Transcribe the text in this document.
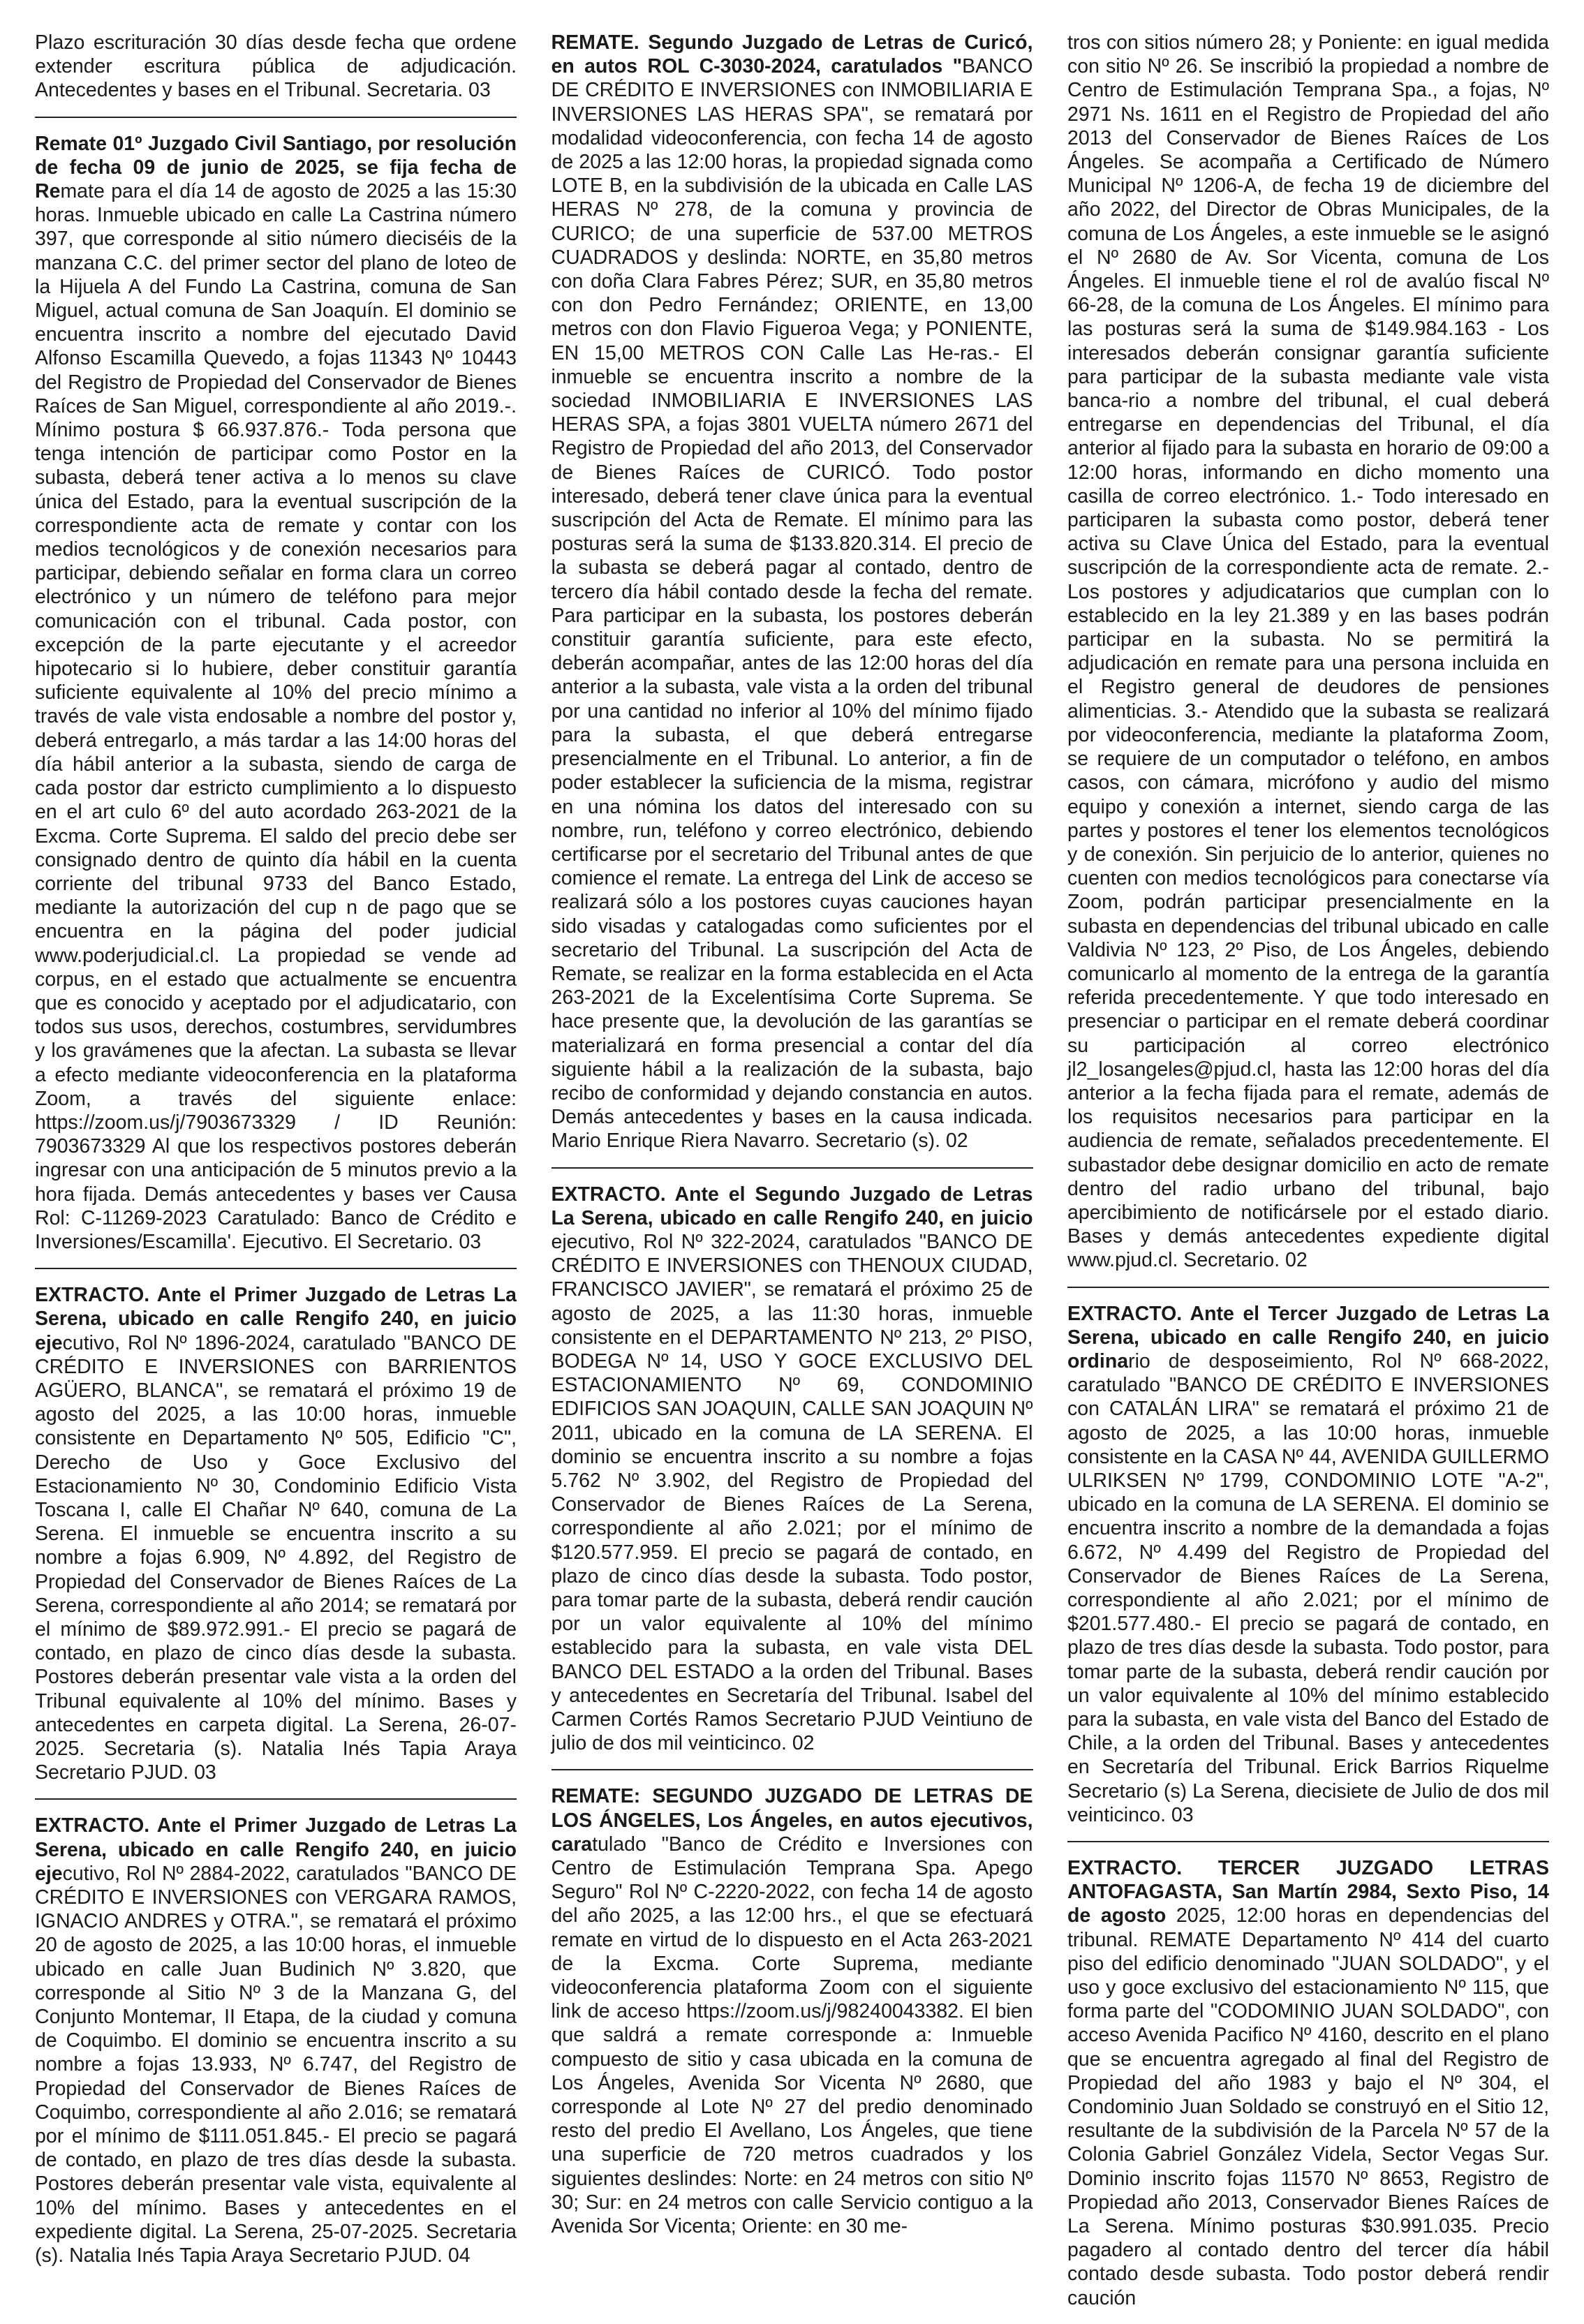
Plazo escrituración 30 días desde fecha que ordene extender escritura pública de adjudicación. Antecedentes y bases en el Tribunal. Secretaria. 03
Remate 01º Juzgado Civil Santiago, por resolución de fecha 09 de junio de 2025, se fija fecha de Remate para el día 14 de agosto de 2025 a las 15:30 horas. Inmueble ubicado en calle La Castrina número 397, que corresponde al sitio número dieciséis de la manzana C.C. del primer sector del plano de loteo de la Hijuela A del Fundo La Castrina, comuna de San Miguel, actual comuna de San Joaquín. El dominio se encuentra inscrito a nombre del ejecutado David Alfonso Escamilla Quevedo, a fojas 11343 Nº 10443 del Registro de Propiedad del Conservador de Bienes Raíces de San Miguel, correspondiente al año 2019.-. Mínimo postura $ 66.937.876.- Toda persona que tenga intención de participar como Postor en la subasta, deberá tener activa a lo menos su clave única del Estado, para la eventual suscripción de la correspondiente acta de remate y contar con los medios tecnológicos y de conexión necesarios para participar, debiendo señalar en forma clara un correo electrónico y un número de teléfono para mejor comunicación con el tribunal. Cada postor, con excepción de la parte ejecutante y el acreedor hipotecario si lo hubiere, deber constituir garantía suficiente equivalente al 10% del precio mínimo a través de vale vista endosable a nombre del postor y, deberá entregarlo, a más tardar a las 14:00 horas del día hábil anterior a la subasta, siendo de carga de cada postor dar estricto cumplimiento a lo dispuesto en el art culo 6º del auto acordado 263-2021 de la Excma. Corte Suprema. El saldo del precio debe ser consignado dentro de quinto día hábil en la cuenta corriente del tribunal 9733 del Banco Estado, mediante la autorización del cup n de pago que se encuentra en la página del poder judicial www.poderjudicial.cl. La propiedad se vende ad corpus, en el estado que actualmente se encuentra que es conocido y aceptado por el adjudicatario, con todos sus usos, derechos, costumbres, servidumbres y los gravámenes que la afectan. La subasta se llevar a efecto mediante videoconferencia en la plataforma Zoom, a través del siguiente enlace: https://zoom.us/j/7903673329 / ID Reunión: 7903673329 Al que los respectivos postores deberán ingresar con una anticipación de 5 minutos previo a la hora fijada. Demás antecedentes y bases ver Causa Rol: C-11269-2023 Caratulado: Banco de Crédito e Inversiones/Escamilla'. Ejecutivo. El Secretario. 03
EXTRACTO. Ante el Primer Juzgado de Letras La Serena, ubicado en calle Rengifo 240, en juicio ejecutivo, Rol Nº 1896-2024, caratulado "BANCO DE CRÉDITO E INVERSIONES con BARRIENTOS AGÜERO, BLANCA", se rematará el próximo 19 de agosto del 2025, a las 10:00 horas, inmueble consistente en Departamento Nº 505, Edificio "C", Derecho de Uso y Goce Exclusivo del Estacionamiento Nº 30, Condominio Edificio Vista Toscana I, calle El Chañar Nº 640, comuna de La Serena. El inmueble se encuentra inscrito a su nombre a fojas 6.909, Nº 4.892, del Registro de Propiedad del Conservador de Bienes Raíces de La Serena, correspondiente al año 2014; se rematará por el mínimo de $89.972.991.- El precio se pagará de contado, en plazo de cinco días desde la subasta. Postores deberán presentar vale vista a la orden del Tribunal equivalente al 10% del mínimo. Bases y antecedentes en carpeta digital. La Serena, 26-07-2025. Secretaria (s). Natalia Inés Tapia Araya Secretario PJUD. 03
EXTRACTO. Ante el Primer Juzgado de Letras La Serena, ubicado en calle Rengifo 240, en juicio ejecutivo, Rol Nº 2884-2022, caratulados "BANCO DE CRÉDITO E INVERSIONES con VERGARA RAMOS, IGNACIO ANDRES y OTRA.", se rematará el próximo 20 de agosto de 2025, a las 10:00 horas, el inmueble ubicado en calle Juan Budinich Nº 3.820, que corresponde al Sitio Nº 3 de la Manzana G, del Conjunto Montemar, II Etapa, de la ciudad y comuna de Coquimbo. El dominio se encuentra inscrito a su nombre a fojas 13.933, Nº 6.747, del Registro de Propiedad del Conservador de Bienes Raíces de Coquimbo, correspondiente al año 2.016; se rematará por el mínimo de $111.051.845.- El precio se pagará de contado, en plazo de tres días desde la subasta. Postores deberán presentar vale vista, equivalente al 10% del mínimo. Bases y antecedentes en el expediente digital. La Serena, 25-07-2025. Secretaria (s). Natalia Inés Tapia Araya Secretario PJUD. 04
REMATE. Segundo Juzgado de Letras de Curicó, en autos ROL C-3030-2024, caratulados "BANCO DE CRÉDITO E INVERSIONES con INMOBILIARIA E INVERSIONES LAS HERAS SPA", se rematará por modalidad videoconferencia, con fecha 14 de agosto de 2025 a las 12:00 horas, la propiedad signada como LOTE B, en la subdivisión de la ubicada en Calle LAS HERAS Nº 278, de la comuna y provincia de CURICO; de una superficie de 537.00 METROS CUADRADOS y deslinda: NORTE, en 35,80 metros con doña Clara Fabres Pérez; SUR, en 35,80 metros con don Pedro Fernández; ORIENTE, en 13,00 metros con don Flavio Figueroa Vega; y PONIENTE, EN 15,00 METROS CON Calle Las He-ras.- El inmueble se encuentra inscrito a nombre de la sociedad INMOBILIARIA E INVERSIONES LAS HERAS SPA, a fojas 3801 VUELTA número 2671 del Registro de Propiedad del año 2013, del Conservador de Bienes Raíces de CURICÓ. Todo postor interesado, deberá tener clave única para la eventual suscripción del Acta de Remate. El mínimo para las posturas será la suma de $133.820.314. El precio de la subasta se deberá pagar al contado, dentro de tercero día hábil contado desde la fecha del remate. Para participar en la subasta, los postores deberán constituir garantía suficiente, para este efecto, deberán acompañar, antes de las 12:00 horas del día anterior a la subasta, vale vista a la orden del tribunal por una cantidad no inferior al 10% del mínimo fijado para la subasta, el que deberá entregarse presencialmente en el Tribunal. Lo anterior, a fin de poder establecer la suficiencia de la misma, registrar en una nómina los datos del interesado con su nombre, run, teléfono y correo electrónico, debiendo certificarse por el secretario del Tribunal antes de que comience el remate. La entrega del Link de acceso se realizará sólo a los postores cuyas cauciones hayan sido visadas y catalogadas como suficientes por el secretario del Tribunal. La suscripción del Acta de Remate, se realizar en la forma establecida en el Acta 263-2021 de la Excelentísima Corte Suprema. Se hace presente que, la devolución de las garantías se materializará en forma presencial a contar del día siguiente hábil a la realización de la subasta, bajo recibo de conformidad y dejando constancia en autos. Demás antecedentes y bases en la causa indicada. Mario Enrique Riera Navarro. Secretario (s). 02
EXTRACTO. Ante el Segundo Juzgado de Letras La Serena, ubicado en calle Rengifo 240, en juicio ejecutivo, Rol Nº 322-2024, caratulados "BANCO DE CRÉDITO E INVERSIONES con THENOUX CIUDAD, FRANCISCO JAVIER", se rematará el próximo 25 de agosto de 2025, a las 11:30 horas, inmueble consistente en el DEPARTAMENTO Nº 213, 2º PISO, BODEGA Nº 14, USO Y GOCE EXCLUSIVO DEL ESTACIONAMIENTO Nº 69, CONDOMINIO EDIFICIOS SAN JOAQUIN, CALLE SAN JOAQUIN Nº 2011, ubicado en la comuna de LA SERENA. El dominio se encuentra inscrito a su nombre a fojas 5.762 Nº 3.902, del Registro de Propiedad del Conservador de Bienes Raíces de La Serena, correspondiente al año 2.021; por el mínimo de $120.577.959. El precio se pagará de contado, en plazo de cinco días desde la subasta. Todo postor, para tomar parte de la subasta, deberá rendir caución por un valor equivalente al 10% del mínimo establecido para la subasta, en vale vista DEL BANCO DEL ESTADO a la orden del Tribunal. Bases y antecedentes en Secretaría del Tribunal. Isabel del Carmen Cortés Ramos Secretario PJUD Veintiuno de julio de dos mil veinticinco. 02
REMATE: SEGUNDO JUZGADO DE LETRAS DE LOS ÁNGELES, Los Ángeles, en autos ejecutivos, caratulado "Banco de Crédito e Inversiones con Centro de Estimulación Temprana Spa. Apego Seguro" Rol Nº C-2220-2022, con fecha 14 de agosto del año 2025, a las 12:00 hrs., el que se efectuará remate en virtud de lo dispuesto en el Acta 263-2021 de la Excma. Corte Suprema, mediante videoconferencia plataforma Zoom con el siguiente link de acceso https://zoom.us/j/98240043382. El bien que saldrá a remate corresponde a: Inmueble compuesto de sitio y casa ubicada en la comuna de Los Ángeles, Avenida Sor Vicenta Nº 2680, que corresponde al Lote Nº 27 del predio denominado resto del predio El Avellano, Los Ángeles, que tiene una superficie de 720 metros cuadrados y los siguientes deslindes: Norte: en 24 metros con sitio Nº 30; Sur: en 24 metros con calle Servicio contiguo a la Avenida Sor Vicenta; Oriente: en 30 me-
tros con sitios número 28; y Poniente: en igual medida con sitio Nº 26. Se inscribió la propiedad a nombre de Centro de Estimulación Temprana Spa., a fojas, Nº 2971 Ns. 1611 en el Registro de Propiedad del año 2013 del Conservador de Bienes Raíces de Los Ángeles. Se acompaña a Certificado de Número Municipal Nº 1206-A, de fecha 19 de diciembre del año 2022, del Director de Obras Municipales, de la comuna de Los Ángeles, a este inmueble se le asignó el Nº 2680 de Av. Sor Vicenta, comuna de Los Ángeles. El inmueble tiene el rol de avalúo fiscal Nº 66-28, de la comuna de Los Ángeles. El mínimo para las posturas será la suma de $149.984.163 - Los interesados deberán consignar garantía suficiente para participar de la subasta mediante vale vista banca-rio a nombre del tribunal, el cual deberá entregarse en dependencias del Tribunal, el día anterior al fijado para la subasta en horario de 09:00 a 12:00 horas, informando en dicho momento una casilla de correo electrónico. 1.- Todo interesado en participaren la subasta como postor, deberá tener activa su Clave Única del Estado, para la eventual suscripción de la correspondiente acta de remate. 2.- Los postores y adjudicatarios que cumplan con lo establecido en la ley 21.389 y en las bases podrán participar en la subasta. No se permitirá la adjudicación en remate para una persona incluida en el Registro general de deudores de pensiones alimenticias. 3.- Atendido que la subasta se realizará por videoconferencia, mediante la plataforma Zoom, se requiere de un computador o teléfono, en ambos casos, con cámara, micrófono y audio del mismo equipo y conexión a internet, siendo carga de las partes y postores el tener los elementos tecnológicos y de conexión. Sin perjuicio de lo anterior, quienes no cuenten con medios tecnológicos para conectarse vía Zoom, podrán participar presencialmente en la subasta en dependencias del tribunal ubicado en calle Valdivia Nº 123, 2º Piso, de Los Ángeles, debiendo comunicarlo al momento de la entrega de la garantía referida precedentemente. Y que todo interesado en presenciar o participar en el remate deberá coordinar su participación al correo electrónico jl2_losangeles@pjud.cl, hasta las 12:00 horas del día anterior a la fecha fijada para el remate, además de los requisitos necesarios para participar en la audiencia de remate, señalados precedentemente. El subastador debe designar domicilio en acto de remate dentro del radio urbano del tribunal, bajo apercibimiento de notificársele por el estado diario. Bases y demás antecedentes expediente digital www.pjud.cl. Secretario. 02
EXTRACTO. Ante el Tercer Juzgado de Letras La Serena, ubicado en calle Rengifo 240, en juicio ordinario de desposeimiento, Rol Nº 668-2022, caratulado "BANCO DE CRÉDITO E INVERSIONES con CATALÁN LIRA" se rematará el próximo 21 de agosto de 2025, a las 10:00 horas, inmueble consistente en la CASA Nº 44, AVENIDA GUILLERMO ULRIKSEN Nº 1799, CONDOMINIO LOTE "A-2", ubicado en la comuna de LA SERENA. El dominio se encuentra inscrito a nombre de la demandada a fojas 6.672, Nº 4.499 del Registro de Propiedad del Conservador de Bienes Raíces de La Serena, correspondiente al año 2.021; por el mínimo de $201.577.480.- El precio se pagará de contado, en plazo de tres días desde la subasta. Todo postor, para tomar parte de la subasta, deberá rendir caución por un valor equivalente al 10% del mínimo establecido para la subasta, en vale vista del Banco del Estado de Chile, a la orden del Tribunal. Bases y antecedentes en Secretaría del Tribunal. Erick Barrios Riquelme Secretario (s) La Serena, diecisiete de Julio de dos mil veinticinco. 03
EXTRACTO. TERCER JUZGADO LETRAS ANTOFAGASTA, San Martín 2984, Sexto Piso, 14 de agosto 2025, 12:00 horas en dependencias del tribunal. REMATE Departamento Nº 414 del cuarto piso del edificio denominado "JUAN SOLDADO", y el uso y goce exclusivo del estacionamiento Nº 115, que forma parte del "CODOMINIO JUAN SOLDADO", con acceso Avenida Pacifico Nº 4160, descrito en el plano que se encuentra agregado al final del Registro de Propiedad del año 1983 y bajo el Nº 304, el Condominio Juan Soldado se construyó en el Sitio 12, resultante de la subdivisión de la Parcela Nº 57 de la Colonia Gabriel González Videla, Sector Vegas Sur. Dominio inscrito fojas 11570 Nº 8653, Registro de Propiedad año 2013, Conservador Bienes Raíces de La Serena. Mínimo posturas $30.991.035. Precio pagadero al contado dentro del tercer día hábil contado desde subasta. Todo postor deberá rendir caución
